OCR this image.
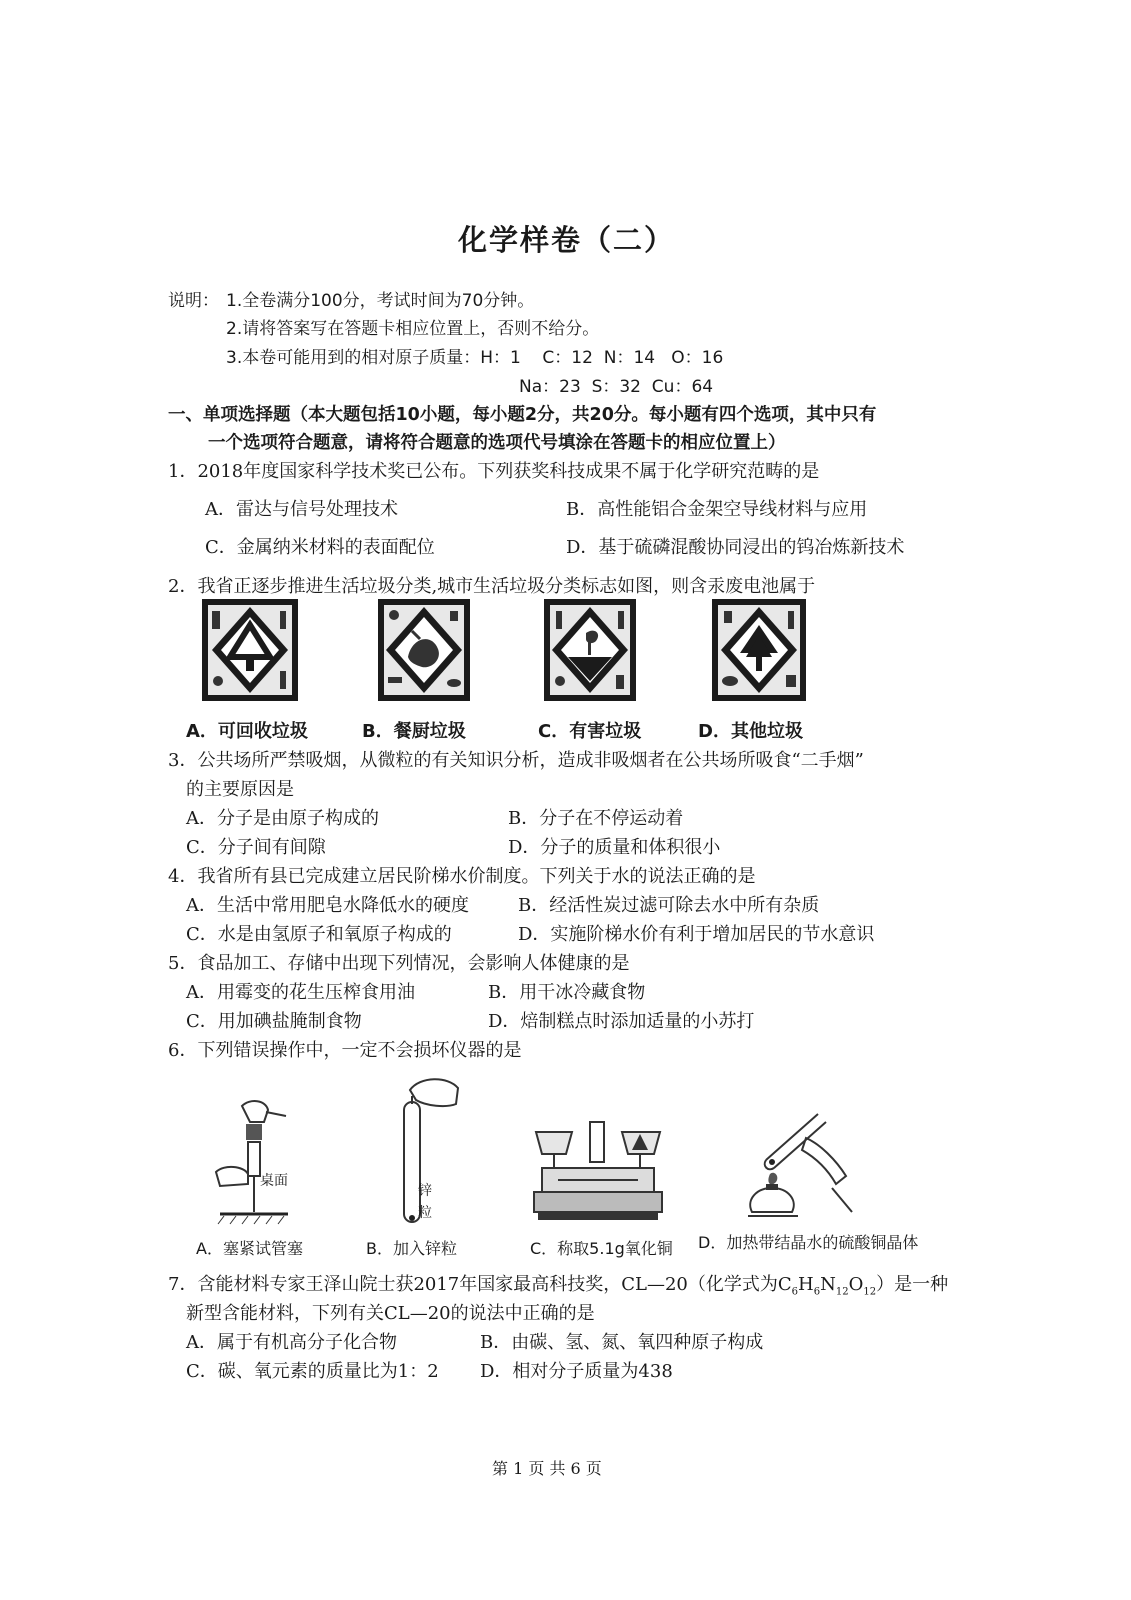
化学样卷（二）
说明： 1.全卷满分100分，考试时间为70分钟。
2.请将答案写在答题卡相应位置上，否则不给分。
3.本卷可能用到的相对原子质量：H：1    C：12  N：14   O：16
Na：23  S：32  Cu：64
一、单项选择题（本大题包括10小题，每小题2分，共20分。每小题有四个选项，其中只有
一个选项符合题意，请将符合题意的选项代号填涂在答题卡的相应位置上）
1．2018年度国家科学技术奖已公布。下列获奖科技成果不属于化学研究范畴的是
A．雷达与信号处理技术	B．高性能铝合金架空导线材料与应用
C．金属纳米材料的表面配位	D．基于硫磷混酸协同浸出的钨冶炼新技术
2．我省正逐步推进生活垃圾分类,城市生活垃圾分类标志如图，则含汞废电池属于
A．可回收垃圾	B．餐厨垃圾	C．有害垃圾	D．其他垃圾
3．公共场所严禁吸烟，从微粒的有关知识分析，造成非吸烟者在公共场所吸食“二手烟”
的主要原因是
A．分子是由原子构成的	B．分子在不停运动着
C．分子间有间隙	D．分子的质量和体积很小
4．我省所有县已完成建立居民阶梯水价制度。下列关于水的说法正确的是
A．生活中常用肥皂水降低水的硬度	B．经活性炭过滤可除去水中所有杂质
C．水是由氢原子和氧原子构成的	D．实施阶梯水价有利于增加居民的节水意识
5．食品加工、存储中出现下列情况，会影响人体健康的是
A．用霉变的花生压榨食用油	B．用干冰冷藏食物
C．用加碘盐腌制食物	D．焙制糕点时添加适量的小苏打
6．下列错误操作中，一定不会损坏仪器的是
桌面
锌
粒
A．塞紧试管塞	B．加入锌粒	C．称取5.1g氧化铜 D．加热带结晶水的硫酸铜晶体
7．含能材料专家王泽山院士获2017年国家最高科技奖，CL—20（化学式为$C_6H_6N_{12}O_{12}$）是一种
新型含能材料，下列有关CL—20的说法中正确的是
A．属于有机高分子化合物	B．由碳、氢、氮、氧四种原子构成
C．碳、氧元素的质量比为1：2 D．相对分子质量为438
第 1 页 共 6 页
